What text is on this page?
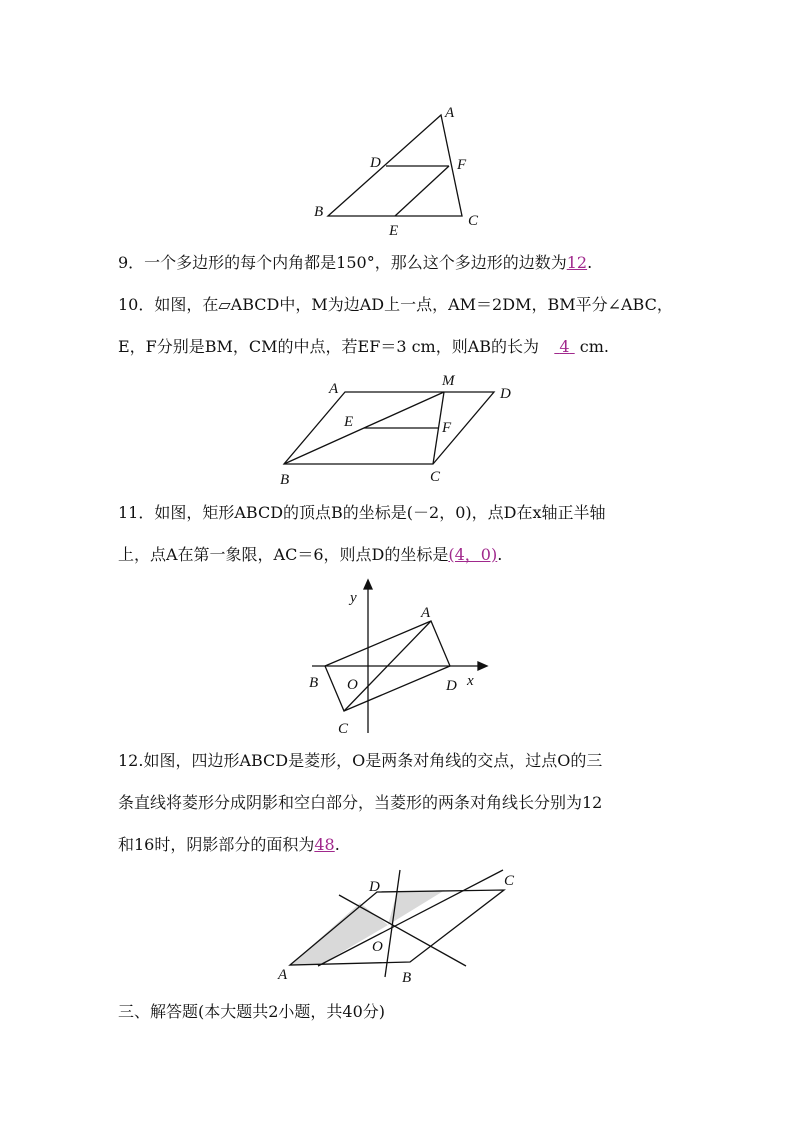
A
D	F
B
E
C
9．一个多边形的每个内角都是150°，那么这个多边形的边数为12.
10．如图，在▱ABCD中，M为边AD上一点，AM＝2DM，BM平分∠ABC，
E，F分别是BM，CM的中点，若EF＝3 cm，则AB的长为 4 cm.
A	M
D
E	F
B	C
11．如图，矩形ABCD的顶点B的坐标是(－2，0)，点D在x轴正半轴
上，点A在第一象限，AC＝6，则点D的坐标是(4，0).
y
A
B O	D x
C
12.如图，四边形ABCD是菱形，O是两条对角线的交点，过点O的三
条直线将菱形分成阴影和空白部分，当菱形的两条对角线长分别为12
和16时，阴影部分的面积为48.
D	C
O
A	B
三、解答题(本大题共2小题，共40分)
